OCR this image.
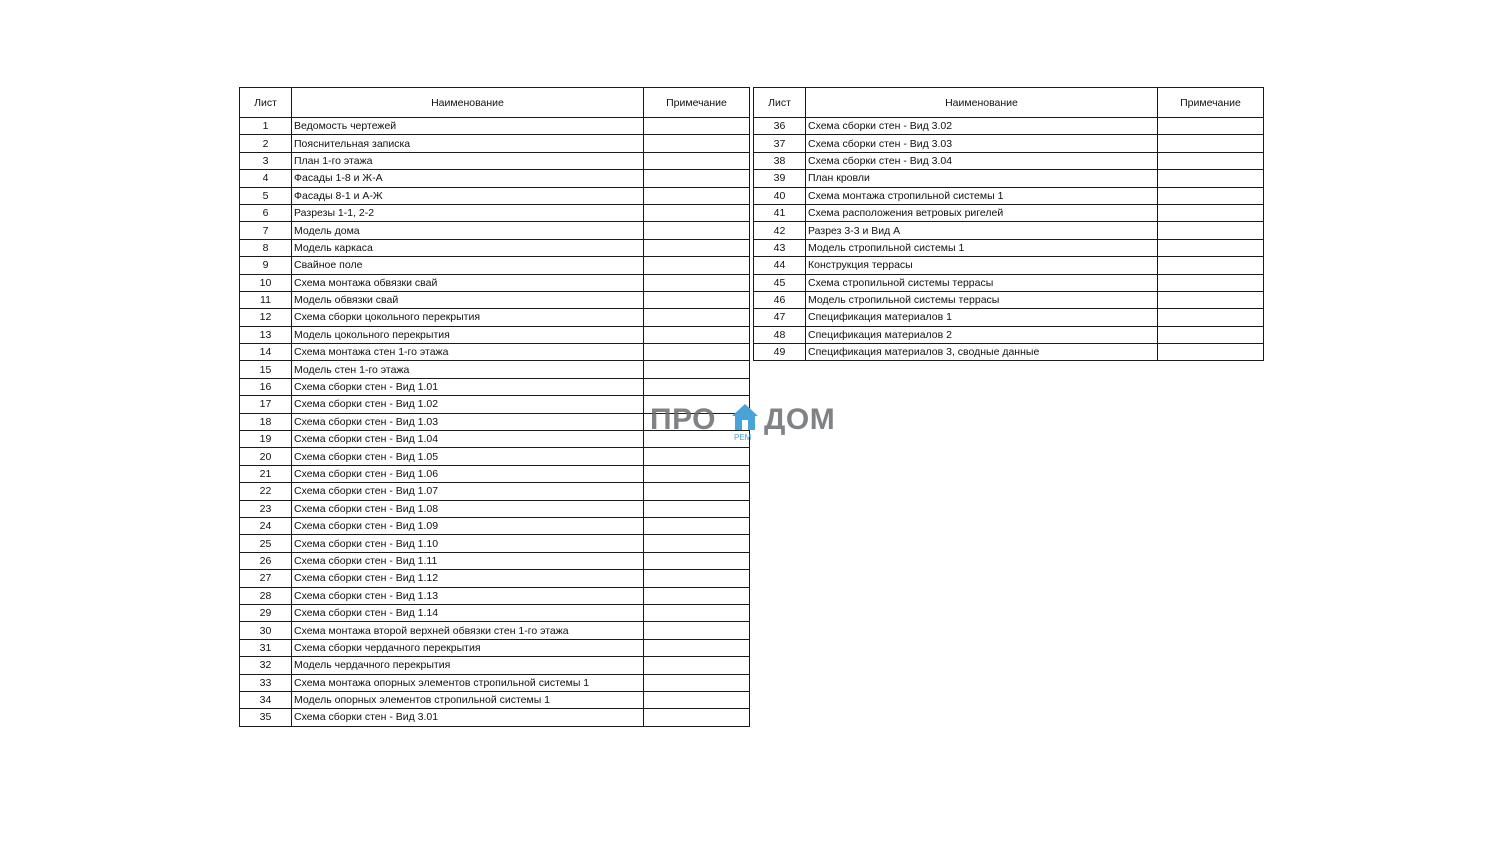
Лист	Наименование	Примечание
1	Ведомость чертежей	
2	Пояснительная записка	
3	План 1-го этажа	
4	Фасады 1-8 и Ж-А	
5	Фасады 8-1 и А-Ж	
6	Разрезы 1-1, 2-2	
7	Модель дома	
8	Модель каркаса	
9	Свайное поле	
10	Схема монтажа обвязки свай	
11	Модель обвязки свай	
12	Схема сборки цокольного перекрытия	
13	Модель цокольного перекрытия	
14	Схема монтажа стен 1-го этажа	
15	Модель стен 1-го этажа	
16	Схема сборки стен - Вид 1.01	
17	Схема сборки стен - Вид 1.02	
18	Схема сборки стен - Вид 1.03	
19	Схема сборки стен - Вид 1.04	
20	Схема сборки стен - Вид 1.05	
21	Схема сборки стен - Вид 1.06	
22	Схема сборки стен - Вид 1.07	
23	Схема сборки стен - Вид 1.08	
24	Схема сборки стен - Вид 1.09	
25	Схема сборки стен - Вид 1.10	
26	Схема сборки стен - Вид 1.11	
27	Схема сборки стен - Вид 1.12	
28	Схема сборки стен - Вид 1.13	
29	Схема сборки стен - Вид 1.14	
30	Схема монтажа второй верхней обвязки стен 1-го этажа	
31	Схема сборки чердачного перекрытия	
32	Модель чердачного перекрытия	
33	Схема монтажа опорных элементов стропильной системы 1	
34	Модель опорных элементов стропильной системы 1	
35	Схема сборки стен - Вид 3.01	
Лист	Наименование	Примечание
36	Схема сборки стен - Вид 3.02	
37	Схема сборки стен - Вид 3.03	
38	Схема сборки стен - Вид 3.04	
39	План кровли	
40	Схема монтажа стропильной системы 1	
41	Схема расположения ветровых ригелей	
42	Разрез 3-3 и Вид А	
43	Модель стропильной системы 1	
44	Конструкция террасы	
45	Схема стропильной системы террасы	
46	Модель стропильной системы террасы	
47	Спецификация материалов 1	
48	Спецификация материалов 2	
49	Спецификация материалов 3, сводные данные	
ПРО
РЕМ
ДОМ
